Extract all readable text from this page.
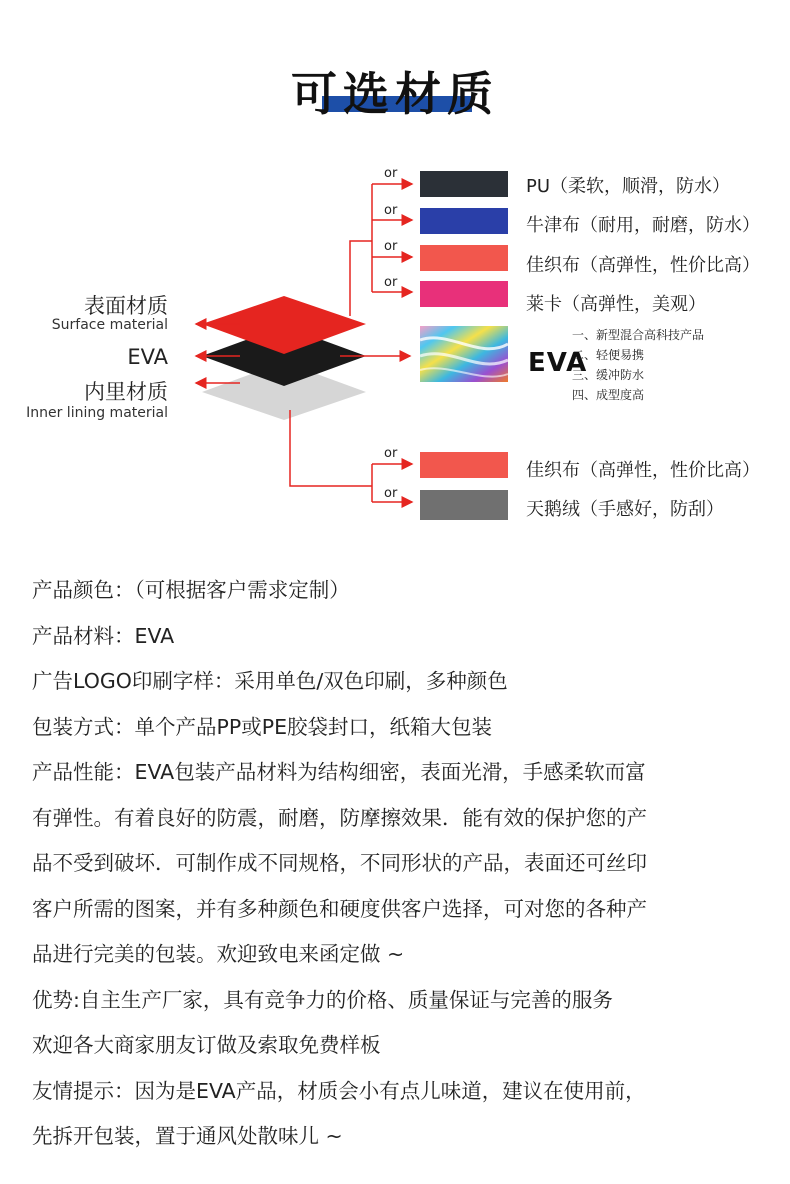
可选材质
or
or
or
or
or
or
表面材质
Surface material
EVA
内里材质
Inner lining material
PU（柔软，顺滑，防水）
牛津布（耐用，耐磨，防水）
佳织布（高弹性，性价比高）
莱卡（高弹性，美观）
EVA
一、新型混合高科技产品
二、轻便易携
三、缓冲防水
四、成型度高
佳织布（高弹性，性价比高）
天鹅绒（手感好，防刮）
产品颜色：（可根据客户需求定制）
产品材料：EVA
广告LOGO印刷字样：采用单色/双色印刷，多种颜色
包装方式：单个产品PP或PE胶袋封口，纸箱大包装
产品性能：EVA包装产品材料为结构细密，表面光滑，手感柔软而富
有弹性。有着良好的防震，耐磨，防摩擦效果．能有效的保护您的产
品不受到破坏．可制作成不同规格，不同形状的产品，表面还可丝印
客户所需的图案，并有多种颜色和硬度供客户选择，可对您的各种产
品进行完美的包装。欢迎致电来函定做 ~
优势:自主生产厂家，具有竞争力的价格、质量保证与完善的服务
欢迎各大商家朋友订做及索取免费样板
友情提示：因为是EVA产品，材质会小有点儿味道，建议在使用前，
先拆开包装，置于通风处散味儿 ~
